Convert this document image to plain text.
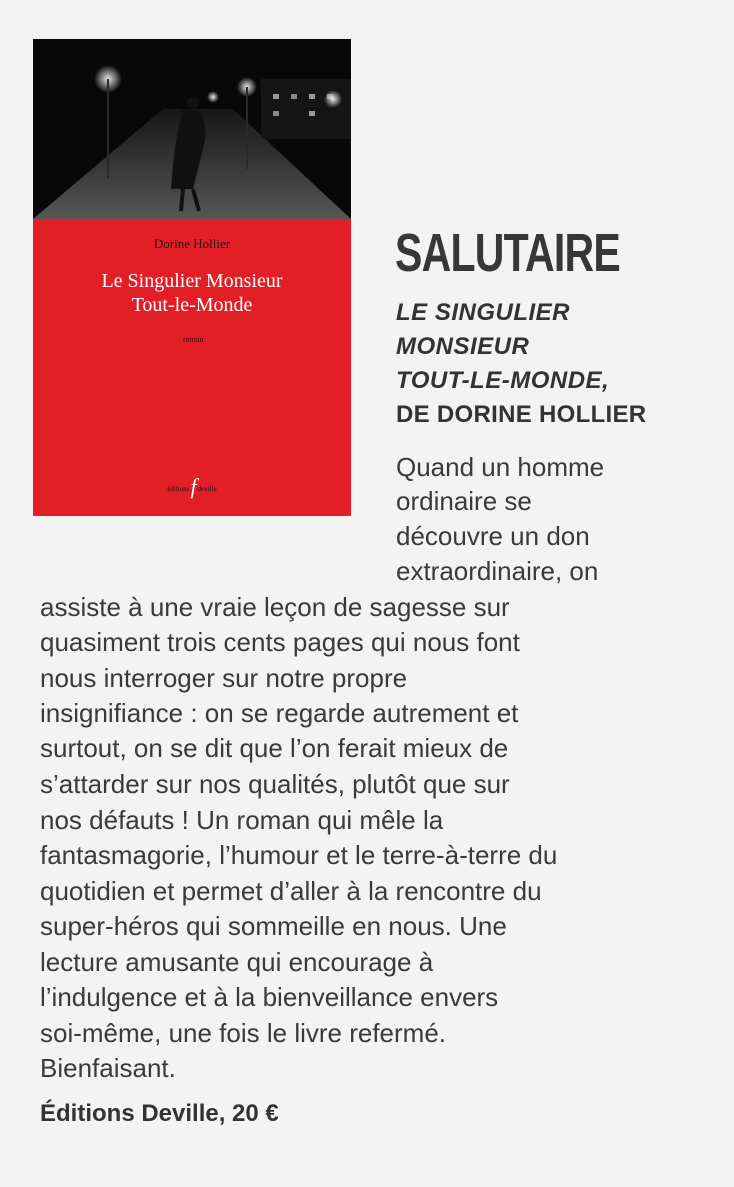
Dorine Hollier
Le Singulier Monsieur
Tout-le-Monde
roman
éditionsfdeville
SALUTAIRE
LE SINGULIER
MONSIEUR
TOUT-LE-MONDE,
DE DORINE HOLLIER

Quand un homme

ordinaire se

découvre un don

extraordinaire, on

assiste à une vraie leçon de sagesse sur

quasiment trois cents pages qui nous font

nous interroger sur notre propre

insignifiance : on se regarde autrement et

surtout, on se dit que l’on ferait mieux de

s’attarder sur nos qualités, plutôt que sur

nos défauts ! Un roman qui mêle la

fantasmagorie, l’humour et le terre-à-terre du

quotidien et permet d’aller à la rencontre du

super-héros qui sommeille en nous. Une

lecture amusante qui encourage à

l’indulgence et à la bienveillance envers

soi-même, une fois le livre refermé.

Bienfaisant.

Éditions Deville, 20 €
